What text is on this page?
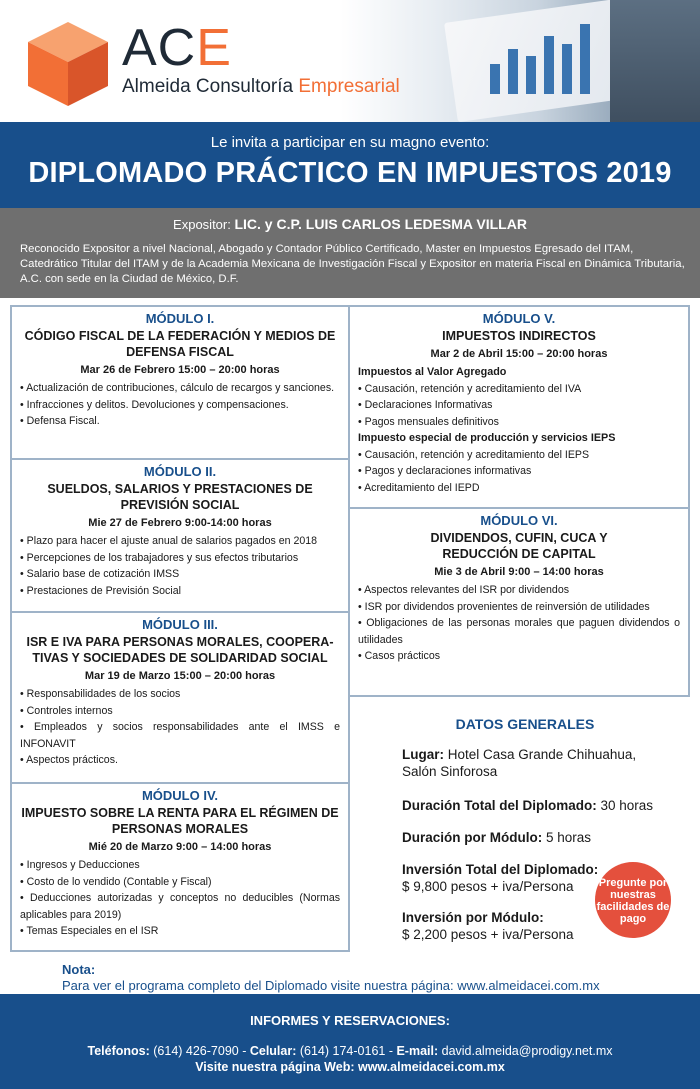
ACE
Almeida Consultoría Empresarial
Le invita a participar en su magno evento:
DIPLOMADO PRÁCTICO EN IMPUESTOS 2019
Expositor: LIC. y C.P. LUIS CARLOS LEDESMA VILLAR
Reconocido Expositor a nivel Nacional, Abogado y Contador Público Certificado, Master en Impuestos Egresado del ITAM, Catedrático Titular del ITAM y de la Academia Mexicana de Investigación Fiscal y Expositor en materia Fiscal en Dinámica Tributaria, A.C. con sede en la Ciudad de México, D.F.
MÓDULO I.
CÓDIGO FISCAL DE LA FEDERACIÓN Y MEDIOS DE DEFENSA FISCAL
Mar 26 de Febrero 15:00 – 20:00 horas
• Actualización de contribuciones, cálculo de recargos y sanciones.
• Infracciones y delitos. Devoluciones y compensaciones.
• Defensa Fiscal.
MÓDULO II.
SUELDOS, SALARIOS Y PRESTACIONES DE PREVISIÓN SOCIAL
Mie 27 de Febrero 9:00-14:00 horas
• Plazo para hacer el ajuste anual de salarios pagados en 2018
• Percepciones de los trabajadores y sus efectos tributarios
• Salario base de cotización IMSS
• Prestaciones de Previsión Social
MÓDULO III.
ISR E IVA PARA PERSONAS MORALES, COOPERA-TIVAS Y SOCIEDADES DE SOLIDARIDAD SOCIAL
Mar 19 de Marzo 15:00 – 20:00 horas
• Responsabilidades de los socios
• Controles internos
• Empleados y socios responsabilidades ante el IMSS e INFONAVIT
• Aspectos prácticos.
MÓDULO IV.
IMPUESTO SOBRE LA RENTA PARA EL RÉGIMEN DE PERSONAS MORALES
Mié 20 de Marzo 9:00 – 14:00 horas
• Ingresos y Deducciones
• Costo de lo vendido (Contable y Fiscal)
• Deducciones autorizadas y conceptos no deducibles (Normas aplicables para 2019)
• Temas Especiales en el ISR
MÓDULO V.
IMPUESTOS INDIRECTOS
Mar 2 de Abril 15:00 – 20:00 horas
Impuestos al Valor Agregado
• Causación, retención y acreditamiento del IVA
• Declaraciones Informativas
• Pagos mensuales definitivos
Impuesto especial de producción y servicios IEPS
• Causación, retención y acreditamiento del IEPS
• Pagos y declaraciones informativas
• Acreditamiento del IEPD
MÓDULO VI.
DIVIDENDOS, CUFIN, CUCA Y REDUCCIÓN DE CAPITAL
Mie 3 de Abril 9:00 – 14:00 horas
• Aspectos relevantes del ISR por dividendos
• ISR por dividendos provenientes de reinversión de utilidades
• Obligaciones de las personas morales que paguen dividendos o utilidades
• Casos prácticos
DATOS GENERALES
Lugar: Hotel Casa Grande Chihuahua,
Salón Sinforosa
Duración Total del Diplomado: 30 horas
Duración por Módulo: 5 horas
Inversión Total del Diplomado:
$ 9,800 pesos + iva/Persona
Inversión por Módulo:
$ 2,200 pesos + iva/Persona
Pregunte por nuestras facilidades de pago
Nota:
Para ver el programa completo del Diplomado visite nuestra página: www.almeidacei.com.mx
INFORMES Y RESERVACIONES:
Teléfonos: (614) 426-7090 - Celular: (614) 174-0161 - E-mail: david.almeida@prodigy.net.mx
Visite nuestra página Web: www.almeidacei.com.mx
